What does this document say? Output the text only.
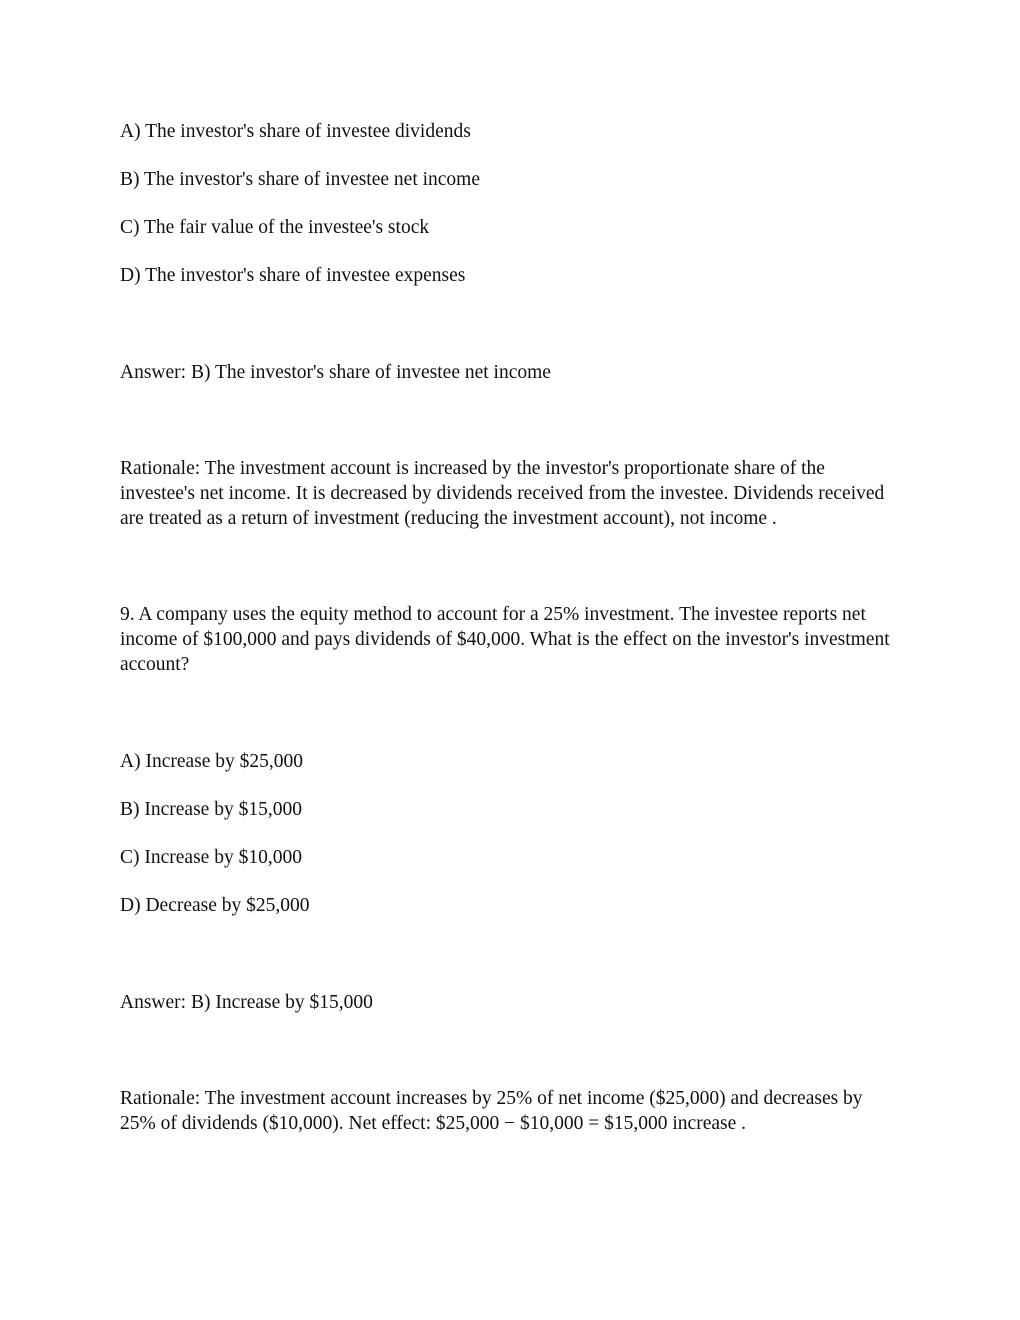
A) The investor's share of investee dividends

B) The investor's share of investee net income

C) The fair value of the investee's stock

D) The investor's share of investee expenses

Answer: B) The investor's share of investee net income

Rationale: The investment account is increased by the investor's proportionate share of the investee's net income. It is decreased by dividends received from the investee. Dividends received are treated as a return of investment (reducing the investment account), not income .

9. A company uses the equity method to account for a 25% investment. The investee reports net income of $100,000 and pays dividends of $40,000. What is the effect on the investor's investment account?

A) Increase by $25,000

B) Increase by $15,000

C) Increase by $10,000

D) Decrease by $25,000

Answer: B) Increase by $15,000

Rationale: The investment account increases by 25% of net income ($25,000) and decreases by 25% of dividends ($10,000). Net effect: $25,000 − $10,000 = $15,000 increase .
